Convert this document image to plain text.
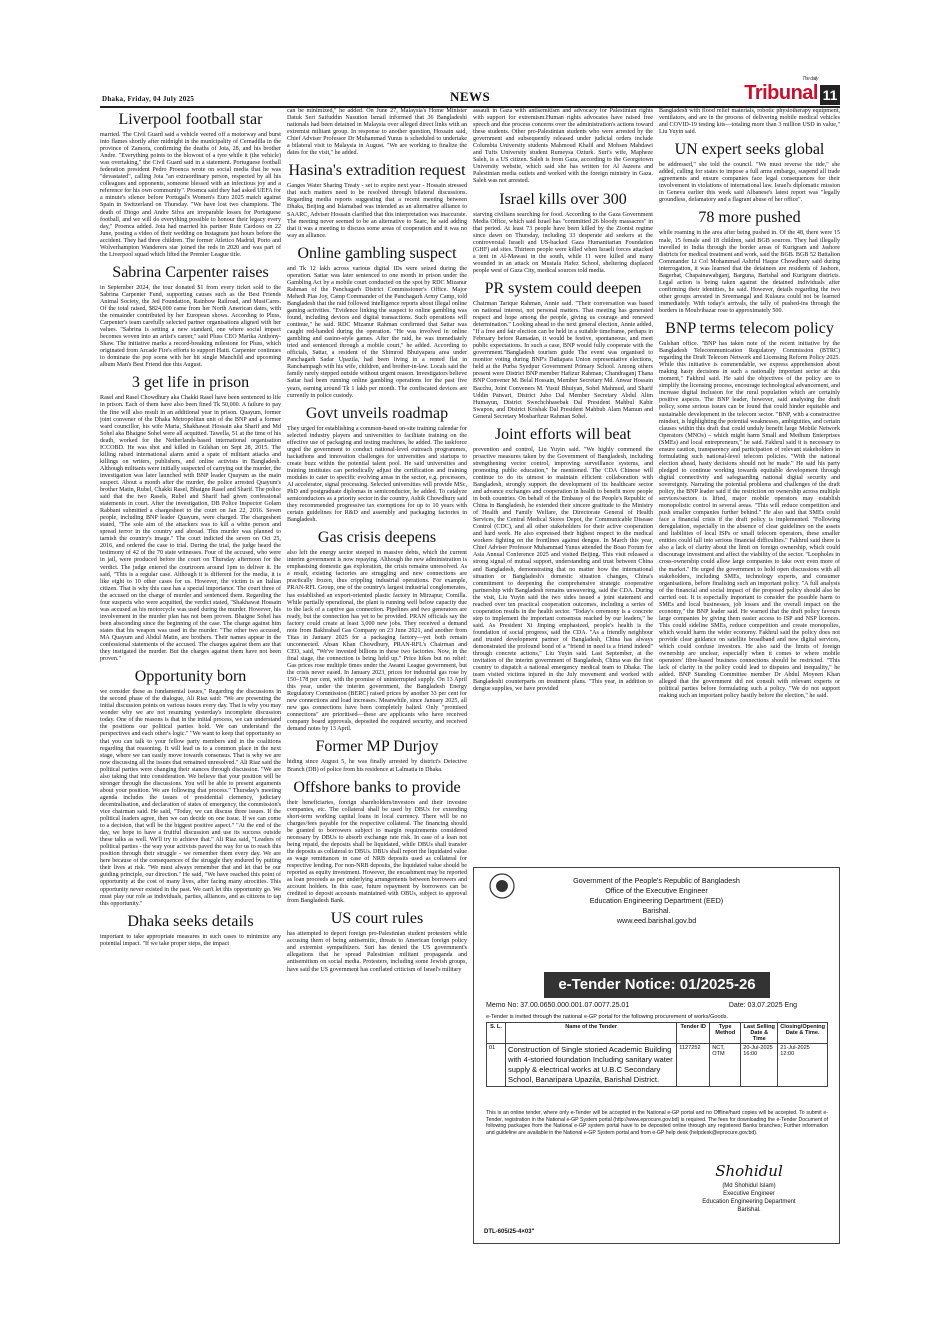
Dhaka, Friday, 04 July 2025	NEWS
The daily
Tribunal 11
Liverpool football star

married. The Civil Guard said a vehicle veered off a motorway and burst into flames shortly after midnight in the municipality of Cernadilla in the province of Zamora, confirming the deaths of Jota, 28, and his brother Andre. "Everything points to the blowout of a tyre while it (the vehicle) was overtaking," the Civil Guard said in a statement. Portuguese football federation president Pedro Proenca wrote on social media that he was "devastated", calling Jota "an extraordinary person, respected by all his colleagues and opponents, someone blessed with an infectious joy and a reference for his own community". Proenca said they had asked UEFA for a minute's silence before Portugal's Women's Euro 2025 match against Spain in Switzerland on Thursday. "We have lost two champions. The death of Diogo and Andre Silva are irreparable losses for Portuguese football, and we will do everything possible to honour their legacy every day," Proenca added. Jota had married his partner Rute Cardoso on 22 June, posting a video of their wedding on Instagram just hours before the accident. They had three children. The former Atletico Madrid, Porto and Wolverhampton Wanderers star joined the reds in 2020 and was part of the Liverpool squad which lifted the Premier League title.

Sabrina Carpenter raises

in September 2024, the tour donated $1 from every ticket sold to the Sabrina Carpenter Fund, supporting causes such as the Best Friends Animal Society, the Jed Foundation, Rainbow Railroad, and MusiCares. Of the total raised, $824,000 came from her North American dates, with the remainder contributed by her European shows. According to Pluss, Carpenter's team carefully selected partner organisations aligned with her values. "Sabrina is setting a new standard, one where social impact becomes woven into an artist's career," said Pluss CEO Marika Anthony-Shaw. The initiative marks a record-breaking milestone for Pluss, which originated from Arcade Fire's efforts to support Haiti. Carpenter continues to dominate the pop scene with her hit single Manchild and upcoming album Man's Best Friend due this August.

3 get life in prison

Rasel and Rasel Chowdhury aka Chakki Rasel have been sentenced to life in prison. Each of them have also been fined Tk 50,000. A failure to pay the fine will also result in an additional year in prison. Quayum, former joint convener of the Dhaka Metropolitan unit of the BNP and a former ward councillor, his wife Maria, Shakhawat Hossain aka Sharif and Md Sohel aka Bhaigne Sohel were all acquitted. Tawella, 51 at the time of his death, worked for the Netherlands-based international organisation ICCOBD. He was shot and killed in Gulshan on Sept 28, 2015. The killing raised international alarm amid a spate of militant attacks and killings on writers, publishers, and online activists in Bangladesh. Although militants were initially suspected of carrying out the murder, the investigation was later launched with BNP leader Quayum as the main suspect. About a month after the murder, the police arrested Quayum's brother Matin, Rubel, Chakki Rasel, Bhaigne Rasel and Sharif. The police said that the two Rasels, Rubel and Sharif had given confessional statements in court. After the investigation, DB Police Inspector Golam Rabbani submitted a chargesheet to the court on Jan 22, 2016. Seven people, including BNP leader Quayum, were charged. The chargesheet stated, "The sole aim of the attackers was to kill a white person and spread terror in the country and abroad. This murder was planned to tarnish the country's image." The court indicted the seven on Oct 25, 2016, and ordered the case to trial. During the trial, the judge heard the testimony of 42 of the 70 state witnesses. Four of the accused, who were in jail, were produced before the court on Thursday afternoon for the verdict. The judge entered the courtroom around 1pm to deliver it. He said, "This is a regular case. Although it is different for the media, it is like eight to 10 other cases for us. However, the victim is an Italian citizen. That is why this case has a special importance. The court three of the accused on the charge of murder and sentenced them. Regarding the four suspects who were acquitted, the verdict stated, "Shakhawat Hossain was accused as his motorcycle was used during the murder. However, his involvement in the murder plan has not been proven. Bhaigne Sohel has been absconding since the beginning of the case. The charge against him states that his weapon was used in the murder. "The other two accused, MA Quayum and Abdul Matin, are brothers. Their names appear in the confessional statements of the accused. The charges against them are that they instigated the murder. But the charges against them have not been proven."

Opportunity born

we consider these as fundamental issues," Regarding the discussions in the second phase of the dialogue, Ali Riaz said: "We are presenting the initial discussion points on various issues every day. That is why you may wonder why we are not resuming yesterday's incomplete discussion today. One of the reasons is that in the initial process, we can understand the positions our political parties hold. We can understand the perspectives and each other's logic." "We want to keep that opportunity so that you can talk to your fellow party members and in the coalitions regarding that reasoning. It will lead us to a common place in the next stage, where we can easily move towards consensus. That is why we are now discussing all the issues that remained unresolved." Ali Riaz said the political parties were changing their stances through discussion. "We are also taking that into consideration. We believe that your position will be stronger through the discussions. You will be able to present arguments about your position. We are following that process." Thursday's meeting agenda includes the issues of presidential clemency, judiciary decentralisation, and declaration of states of emergency, the commission's vice chairman said. He said, "Today, we can discuss three issues. If the political leaders agree, then we can decide on one issue. If we can come to a decision, that will be the biggest positive aspect." "At the end of the day, we hope to have a fruitful discussion and use its success outside these talks as well. We'll try to achieve that." Ali Riaz said, "Leaders of political parties - the way your activists paved the way for us to reach this position through their struggle - we remember them every day. We are here because of the consequences of the struggle they endured by putting their lives at risk. "We must always remember that and let that be our guiding principle, our direction." He said, "We have reached this point of opportunity at the cost of many lives, after facing many atrocities. This opportunity never existed in the past. We can't let this opportunity go. We must play our role as individuals, parties, alliances, and as citizens to tap this opportunity."

Dhaka seeks details

important to take appropriate measures in such cases to minimize any potential impact. "If we take proper steps, the impact

can be minimized," he added. On June 27, Malaysia's Home Minister Datuk Seri Saifuddin Nasution Ismail informed that 36 Bangladeshi nationals had been detained in Malaysia over alleged direct links with an extremist militant group. In response to another question, Hossain said, Chief Adviser Professor Dr Muhammad Yunus is scheduled to undertake a bilateral visit to Malaysia in August. "We are working to finalize the dates for the visit," he added.

Hasina's extradition request

Ganges Water Sharing Treaty - set to expire next year - Hossain stressed that such matters need to be resolved through bilateral discussions. Regarding media reports suggesting that a recent meeting between Dhaka, Beijing and Islamabad was intended as an alternative alliance to SAARC, Adviser Hossain clarified that this interpretation was inaccurate. The meeting never seemed to be an alternative to Saarc, he said adding that it was a meeting to discuss some areas of cooperation and it was no way an alliance.

Online gambling suspect

and Tk 12 lakh across various digital IDs were seized during the operation. Sattar was later sentenced to one month in prison under the Gambling Act by a mobile court conducted on the spot by RDC Mizanur Rahman of the Panchagarh District Commissioner's Office. Major Mehedi Pias Joy, Camp Commander of the Panchagarh Army Camp, told Bangladesh that the raid followed intelligence reports about illegal online gaming activities. "Evidence linking the suspect to online gambling was found, including devices and digital transactions. Such operations will continue," he said. RDC Mizanur Rahman confirmed that Sattar was caught red-handed during the operation. "He was involved in online gambling and casino-style games. After the raid, he was immediately tried and sentenced through a mobile court," he added. According to officials, Sattar, a resident of the Shimrod Bhuiyapara area under Panchagarh Sadar Upazila, had been living in a rented flat in Ranchampagh with his wife, children, and brother-in-law. Locals said the family rarely stepped outside without urgent reason. Investigators believe Sattar had been running online gambling operations for the past five years, earning around Tk 1 lakh per month. The confiscated devices are currently in police custody.

Govt unveils roadmap

They urged for establishing a common-based on-site training calendar for selected industry players and universities to facilitate training on the effective use of packaging and testing machines, he added. The taskforce urged the government to conduct national-level outreach programmes, hackathons and innovation challenges for universities and startups to create buzz within the potential talent pool. He said universities and training institutes can periodically adjust the certification and training modules to cater to specific evolving areas in the sector, e.g. processors, AI accelerator, signal processing. Selected universities will provide MSc, PhD and postgraduate diplomas in semiconductor, he added. To catalyze semiconductors as a priority sector in the country, Ashik Chowdhury said they recommended progressive tax exemptions for up to 10 years with certain guidelines for R&D and assembly and packaging factories in Bangladesh.

Gas crisis deepens

also left the energy sector steeped in massive debts, which the current interim government is now repaying. Although the new administration is emphasising domestic gas exploration, the crisis remains unresolved. As a result, existing factories are struggling and new connections are practically frozen, thus crippling industrial operations. For example, PRAN-RFL Group, one of the country's largest industrial conglomerates, has established an export-oriented plastic factory in Mirzapur, Comilla. While partially operational, the plant is running well below capacity due to the lack of a captive gas connection. Pipelines and two generators are ready, but the connection has yet to be provided. PRAN officials say the factory could create at least 3,000 new jobs. They received a demand note from Bakhrabad Gas Company on 23 June 2021, and another from Titas in January 2025 for a packaging factory—yet both remain unconnected. Ahsan Khan Chowdhury, PRAN-RFL's Chairman and CEO, said, "We've invested billions in these two factories. Now, in the final stage, the connection is being held up." Price hikes but no relief: Gas prices rose multiple times under the Awami League government, but the crisis never eased. In January 2023, prices for industrial gas rose by 150–178 per cent, with the promise of uninterrupted supply. On 13 April this year, under the interim government, the Bangladesh Energy Regulatory Commission (BERC) raised prices by another 33 per cent for new connections and load increases. Meanwhile, since January 2025, all new gas connections have been completely halted. Only "promised connections" are prioritised—these are applicants who have received company board approvals, deposited the required security, and received demand notes by 13 April.

Former MP Durjoy

hiding since August 5, he was finally arrested by district's Detective Branch (DB) of police from his residence at Lalmatia in Dhaka.

Offshore banks to provide

their beneficiaries, foreign shareholders/investors and their investee companies, etc. The collateral shall be used by DBUs for extending short-term working capital loans in local currency. There will be no charges/fees payable for the respective collateral. The financing should be granted to borrowers subject to margin requirements considered necessary by DBUs to absorb exchange rate risk. In case of a loan not being repaid, the deposits shall be liquidated, while DBUs shall transfer the deposits as collateral to DBUs. DBUs shall report the liquidated value as wage remittances in case of NRB deposits used as collateral for respective lending. For non-NRB deposits, the liquidated value should be reported as equity investment. However, the encashment may be reported as loan proceeds as per underlying arrangements between borrowers and account holders. In this case, future repayment by borrowers can be credited to deposit accounts maintained with OBUs, subject to approval from Bangladesh Bank.

US court rules

has attempted to deport foreign pro-Palestinian student protesters while accusing them of being antisemitic, threats to American foreign policy and extremist sympathizers. Suri has denied the US government's allegations that he spread Palestinian militant propaganda and antisemitism on social media. Protesters, including some Jewish groups, have said the US government has conflated criticism of Israel's military

assault in Gaza with antisemitism and advocacy for Palestinian rights with support for extremism.Human rights advocates have raised free speech and due process concerns over the administration's actions toward these students. Other pro-Palestinian students who were arrested by the government and subsequently released under judicial orders include Columbia University students Mahmoud Khalil and Mohsen Mahdawi and Tufts University student Rumeysa Ozturk. Suri's wife, Mapheze Saleh, is a US citizen. Saleh is from Gaza, according to the Georgetown University website, which said she has written for Al Jazeera and Palestinian media outlets and worked with the foreign ministry in Gaza. Saleh was not arrested.

Israel kills over 300

starving civilians searching for food. According to the Gaza Government Media Office, which said Israel has "committed 26 bloody massacres" in that period. At least 73 people have been killed by the Zionist regime since dawn on Thursday, including 33 desperate aid seekers at the controversial Israeli and US-backed Gaza Humanitarian Foundation (GHF) aid sites. Thirteen people were killed when Israeli forces attacked a tent in Al-Mawasi in the south, while 11 were killed and many wounded in an attack on Mustafa Hafez School, sheltering displaced people west of Gaza City, medical sources told media.

PR system could deepen

Chairman Tarique Rahman, Annie said. "Their conversation was based on national interest, not personal matters. That meeting has generated respect and hope among the people, giving us courage and renewed determination." Looking ahead to the next general election, Annie added, "If a free and fair election can be held in a suitable timeframe, perhaps in February before Ramadan, it would be festive, spontaneous, and meet public expectations. In such a case, BNP would fully cooperate with the government."Bangladesh tourism guide The event was organised to monitor voting during BNP's Dattapara Union representative elections, held at the Purba Syedpur Government Primary School. Among others present were District BNP member Hafizur Rahman; Chandraganj Thana BNP Convener M. Belal Hossain, Member Secretary Md. Anwar Hossain Bacchu, Joint Conveners M. Yusuf Bhuiyan, Sohel Mahmud, and Sharif Uddin Patwari, District Jubo Dal Member Secretary Abdul Alim Humayun, District Swechchhasebak Dal President Mahbul Kabir Swapon, and District Krishak Dal President Mahbub Alam Mamun and General Secretary Mosharfizur Rahman Sohel.

Joint efforts will beat

prevention and control, Liu Yuyin said. "We highly commend the proactive measures taken by the Government of Bangladesh, including strengthening vector control, improving surveillance systems, and promoting public education," he mentioned. The CDA Chinese will continue to do its utmost to maintain efficient collaboration with Bangladesh, strongly support the development of its healthcare sector and advance exchanges and cooperation in health to benefit more people in both countries. On behalf of the Embassy of the People's Republic of China in Bangladesh, he extended their sincere gratitude to the Ministry of Health and Family Welfare, the Directorate General of Health Services, the Central Medical Stores Depot, the Communicable Disease Control (CDC), and all other stakeholders for their active cooperation and hard work. He also expressed their highest respect to the medical workers fighting on the frontlines against dengue. In March this year, Chief Adviser Professor Muhammad Yunus attended the Boao Forum for Asia Annual Conference 2025 and visited Beijing. This visit released a strong signal of mutual support, understanding and trust between China and Bangladesh, demonstrating that no matter how the international situation or Bangladesh's domestic situation changes, China's commitment to deepening the comprehensive strategic cooperative partnership with Bangladesh remains unwavering, said the CDA. During the visit, Liu Yuyin said the two sides issued a joint statement and reached over ten practical cooperation outcomes, including a series of cooperation results in the health sector. "Today's ceremony is a concrete step to implement the important consensus reached by our leaders," he said. As President Xi Jinping emphasized, people's health is the foundation of social progress, said the CDA. "As a friendly neighbour and trusted development partner of Bangladesh, China has always demonstrated the profound bond of a "friend in need is a friend indeed" through concrete actions," Liu Yuyin said. Last September, at the invitation of the interim government of Bangladesh, China was the first country to dispatch a national emergency medical team to Dhaka. The team visited victims injured in the July movement and worked with Bangladeshi counterparts on treatment plans. "This year, in addition to dengue supplies, we have provided

Bangladesh with flood relief materials, robotic physiotherapy equipment, ventilators, and are in the process of delivering mobile medical vehicles and COVID-19 testing kits—totaling more than 3 million USD in value," Liu Yuyin said.

UN expert seeks global

be addressed," she told the council. "We must reverse the tide," she added, calling for states to impose a full arms embargo, suspend all trade agreements and ensure companies face legal consequences for their involvement in violations of international law. Israel's diplomatic mission in Geneva earlier this week said Albanese's latest report was "legally groundless, defamatory and a flagrant abuse of her office".

78 more pushed

while roaming in the area after being pushed in. Of the 48, there were 15 male, 15 female and 18 children, said BGB sources. They had illegally travelled to India through the border areas of Kurigram and Jashore districts for medical treatment and work, said the BGB. BGB 52 Battalion Commander Lt Col Mohammad Ashrful Haque Chowdhury said during interrogation, it was learned that the detainees are residents of Jashore, Bagerhat, Chapainawabganj, Barguna, Barishal and Kurigram districts. Legal action is being taken against the detained individuals after confirming their identities, he said. However, details regarding the two other groups arrested in Sreemangal and Kulaura could not be learned immediately. With today's arrivals, the tally of pushed-ins through the borders in Moulvibazar rose to approximately 500.

BNP terms telecom policy

Gulshan office. "BNP has taken note of the recent initiative by the Bangladesh Telecommunication Regulatory Commission (BTRC) regarding the Draft Telecom Network and Licensing Reform Policy 2025. While this initiative is commendable, we express apprehension about making hasty decisions in such a nationally important sector at this moment," Fakhrul said. He said the objectives of the policy are to simplify the licensing process, encourage technological advancement, and increase digital inclusion for the rural population which are certainly positive aspects. The BNP leader, however, said analysing the draft policy, some serious issues can be found that could hinder equitable and sustainable development in the telecom sector. "BNP, with a constructive mindset, is highlighting the potential weaknesses, ambiguities, and certain clauses within this draft that could unduly benefit large Mobile Network Operators (MNOs) – which might harm Small and Medium Enterprises (SMEs) and local entrepreneurs," he said. Fakhrul said it is necessary to ensure caution, transparency and participation of relevant stakeholders in formulating such national-level telecom policies. "With the national election ahead, hasty decisions should not be made." He said his party pledged to continue working towards equitable development through digital connectivity and safeguarding national digital security and sovereignty. Narrating the potential problems and challenges of the draft policy, the BNP leader said if the restriction on ownership across multiple services/sectors is lifted, major mobile operators may establish monopolistic control in several areas. "This will reduce competition and push smaller companies further behind." He also said that SMEs could face a financial crisis if the draft policy is implemented. "Following deregulation, especially in the absence of clear guidelines on the assets and liabilities of local ISPs or small telecom operators, these smaller entities could fall into serious financial difficulties." Fakhrul said there is also a lack of clarity about the limit on foreign ownership, which could discourage investment and affect the viability of the sector. "Loopholes in cross-ownership could allow large companies to take over even more of the market." He urged the government to hold open discussions with all stakeholders, including SMEs, technology experts, and consumer organisations, before finalising such an important policy. "A full analysis of the financial and social impact of the proposed policy should also be carried out. It is especially important to consider the possible harm to SMEs and local businesses, job losses and the overall impact on the economy," the BNP leader said. He warned that the draft policy favours large companies by giving them easier access to ISP and NSP licences. This could sideline SMEs, reduce competition and create monopolies, which would harm the wider economy. Fakhrul said the policy does not provide clear guidance on satellite broadband and new digital services, which could confuse investors. He also said the limits of foreign ownership are unclear, especially when it comes to where mobile operators' fibre-based business connections should be restricted. "This lack of clarity in the policy could lead to disputes and inequality," he added. BNP Standing Committee member Dr Abdul Moyeen Khan alleged that the government did not consult with relevant experts or political parties before formulating such a policy. "We do not support making such an important policy hastily before the election," he said.

Government of the People's Republic of Bangladesh
Office of the Executive Engineer
Education Engineering Department (EED)
Barishal.
www.eed.barishal.gov.bd
e-Tender Notice: 01/2025-26
Memo No: 37.00.0650.000.001.07.0077.25.01	Date: 03.07.2025 Eng
e-Tender is invited through the national e-GP portal for the following procurement of works/Goods.
S. L.	Name of the Tender	Tender ID	Type Method	Last Selling Date & Time	Closing/Opening Date & Time.
01	Construction of Single storied Academic Building with 4-storied foundation Including sanitary water supply & electrical works at U.B.C Secondary School, Banaripara Upazila, Barishal District.	1127252	NCT, OTM	20-Jul-2025 16:00	21-Jul-2025 12:00
This is an online tender, where only e-Tender will be accepted in the National e-GP portal and no Offline/hard copies will be accepted. To submit e-Tender, registration in the National e-GP System portal (http://www.eprocure.gov.bd) is required. The fees for downloading the e-Tender Document of following packages from the National e-GP system portal have to be deposited online through any registered Banks branches; Further information and guideline are available in the National e-GP System portal and from e-GP help desk (helpdesk@eprocure.gov.bd).
Shohidul
(Md Shohidul Islam)
Executive Engineer
Education Engineering Department
Barishal.
DTL-605/25-4×03"
